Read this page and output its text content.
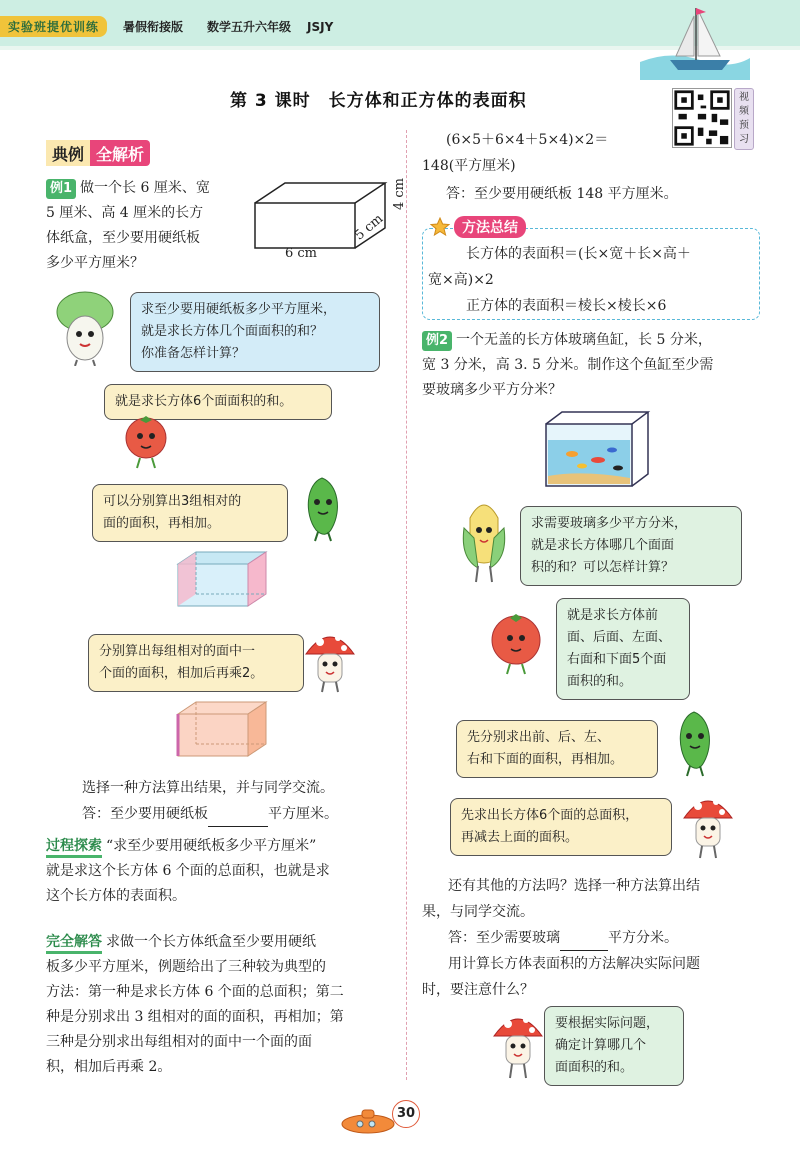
实验班提优训练	暑假衔接版 数学五升六年级 JSJY
第 3 课时　长方体和正方体的表面积	视
频
预
习
典例 全解析
例1 做一个长 6 厘米、宽
5 厘米、高 4 厘米的长方
体纸盒，至少要用硬纸板
多少平方厘米？
6 cm
5 cm
4 cm
求至少要用硬纸板多少平方厘米，
就是求长方体几个面面积的和？
你准备怎样计算？
就是求长方体6个面面积的和。
可以分别算出3组相对的
面的面积，再相加。
分别算出每组相对的面中一
个面的面积，相加后再乘2。
选择一种方法算出结果，并与同学交流。
答：至少要用硬纸板	平方厘米。
过程探索 “求至少要用硬纸板多少平方厘米”
就是求这个长方体 6 个面的总面积，也就是求
这个长方体的表面积。
完全解答 求做一个长方体纸盒至少要用硬纸
板多少平方厘米，例题给出了三种较为典型的
方法：第一种是求长方体 6 个面的总面积；第二
种是分别求出 3 组相对的面的面积，再相加；第
三种是分别求出每组相对的面中一个面的面
积，相加后再乘 2。
(6×5＋6×4＋5×4)×2＝
148(平方厘米)
答：至少要用硬纸板 148 平方厘米。
方法总结
长方体的表面积＝(长×宽＋长×高＋
宽×高)×2
正方体的表面积＝棱长×棱长×6
例2 一个无盖的长方体玻璃鱼缸，长 5 分米，
宽 3 分米，高 3. 5 分米。制作这个鱼缸至少需
要玻璃多少平方分米？
求需要玻璃多少平方分米，
就是求长方体哪几个面面
积的和？可以怎样计算？
就是求长方体前
面、后面、左面、
右面和下面5个面
面积的和。
先分别求出前、后、左、
右和下面的面积，再相加。
先求出长方体6个面的总面积，
再减去上面的面积。
还有其他的方法吗？选择一种方法算出结
果，与同学交流。
答：至少需要玻璃	平方分米。
用计算长方体表面积的方法解决实际问题
时，要注意什么？
要根据实际问题，
确定计算哪几个
面面积的和。
30
